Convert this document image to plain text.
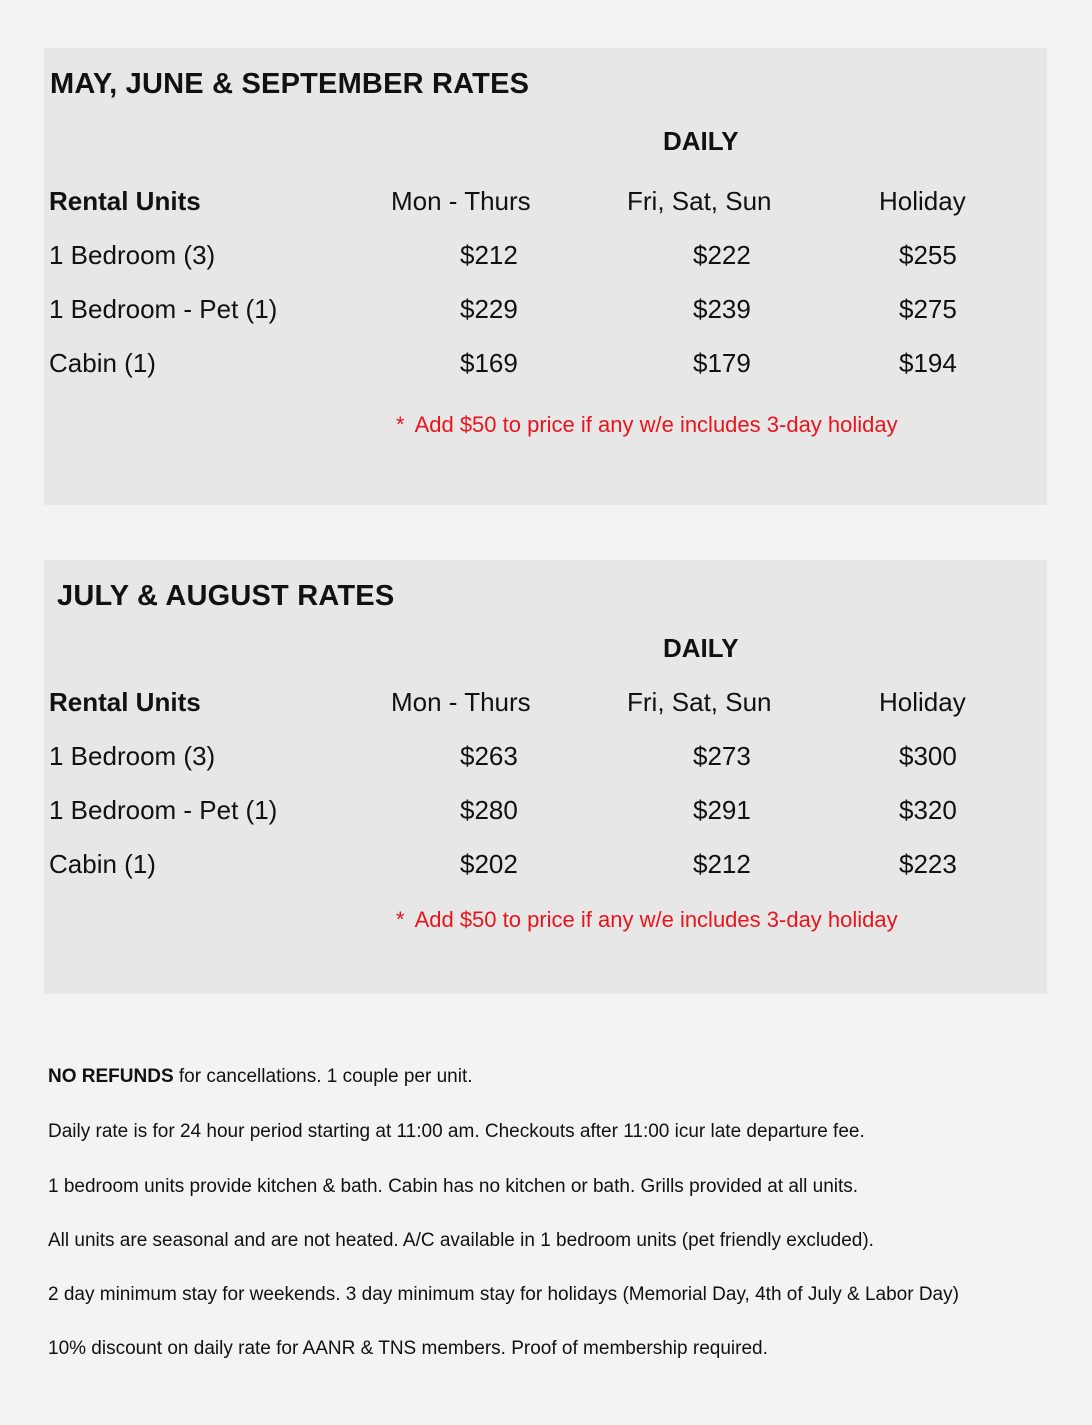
MAY, JUNE & SEPTEMBER RATES
DAILY
Rental Units	Mon - Thurs	Fri, Sat, Sun	Holiday
1 Bedroom (3)	$212	$222	$255
1 Bedroom - Pet (1)	$229	$239	$275
Cabin (1)	$169	$179	$194
* Add $50 to price if any w/e includes 3-day holiday
JULY & AUGUST RATES
DAILY
Rental Units	Mon - Thurs	Fri, Sat, Sun	Holiday
1 Bedroom (3)	$263	$273	$300
1 Bedroom - Pet (1)	$280	$291	$320
Cabin (1)	$202	$212	$223
* Add $50 to price if any w/e includes 3-day holiday
NO REFUNDS for cancellations. 1 couple per unit.
Daily rate is for 24 hour period starting at 11:00 am. Checkouts after 11:00 icur late departure fee.
1 bedroom units provide kitchen & bath. Cabin has no kitchen or bath. Grills provided at all units.
All units are seasonal and are not heated. A/C available in 1 bedroom units (pet friendly excluded).
2 day minimum stay for weekends. 3 day minimum stay for holidays (Memorial Day, 4th of July & Labor Day)
10% discount on daily rate for AANR & TNS members. Proof of membership required.
